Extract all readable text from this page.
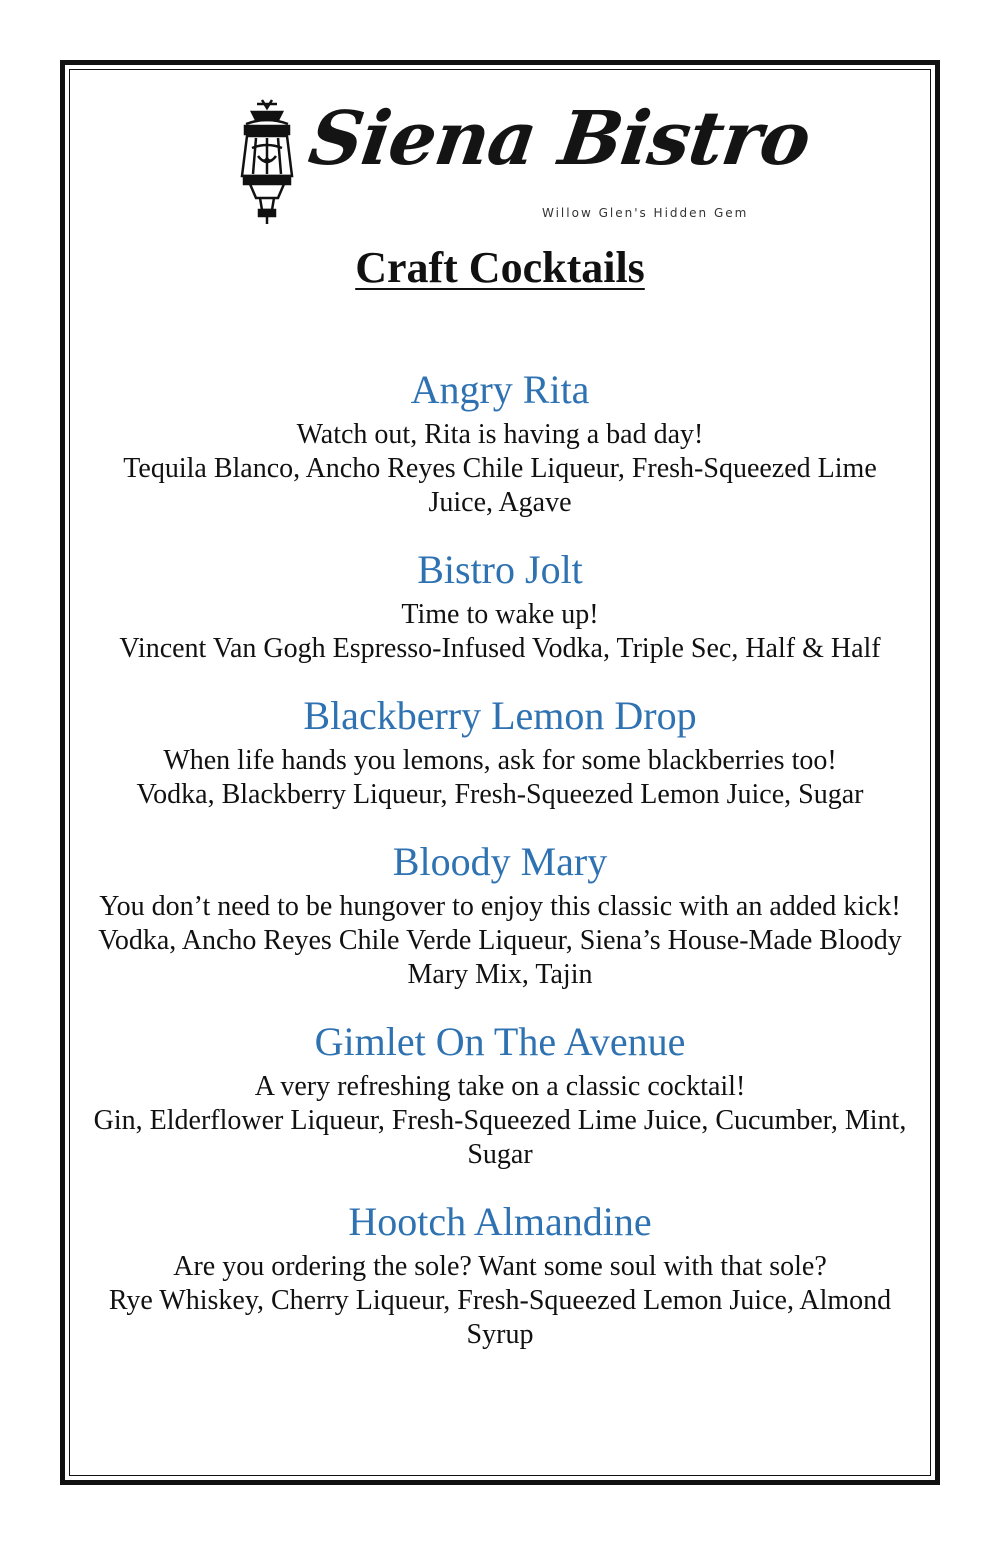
Siena Bistro
Willow Glen's Hidden Gem
Craft Cocktails
Angry Rita
Watch out, Rita is having a bad day!
Tequila Blanco, Ancho Reyes Chile Liqueur, Fresh-Squeezed Lime Juice, Agave
Bistro Jolt
Time to wake up!
Vincent Van Gogh Espresso-Infused Vodka, Triple Sec, Half & Half
Blackberry Lemon Drop
When life hands you lemons, ask for some blackberries too!
Vodka, Blackberry Liqueur, Fresh-Squeezed Lemon Juice, Sugar
Bloody Mary
You don’t need to be hungover to enjoy this classic with an added kick!
Vodka, Ancho Reyes Chile Verde Liqueur, Siena’s House-Made Bloody Mary Mix, Tajin
Gimlet On The Avenue
A very refreshing take on a classic cocktail!
Gin, Elderflower Liqueur, Fresh-Squeezed Lime Juice, Cucumber, Mint, Sugar
Hootch Almandine
Are you ordering the sole? Want some soul with that sole?
Rye Whiskey, Cherry Liqueur, Fresh-Squeezed Lemon Juice, Almond Syrup
